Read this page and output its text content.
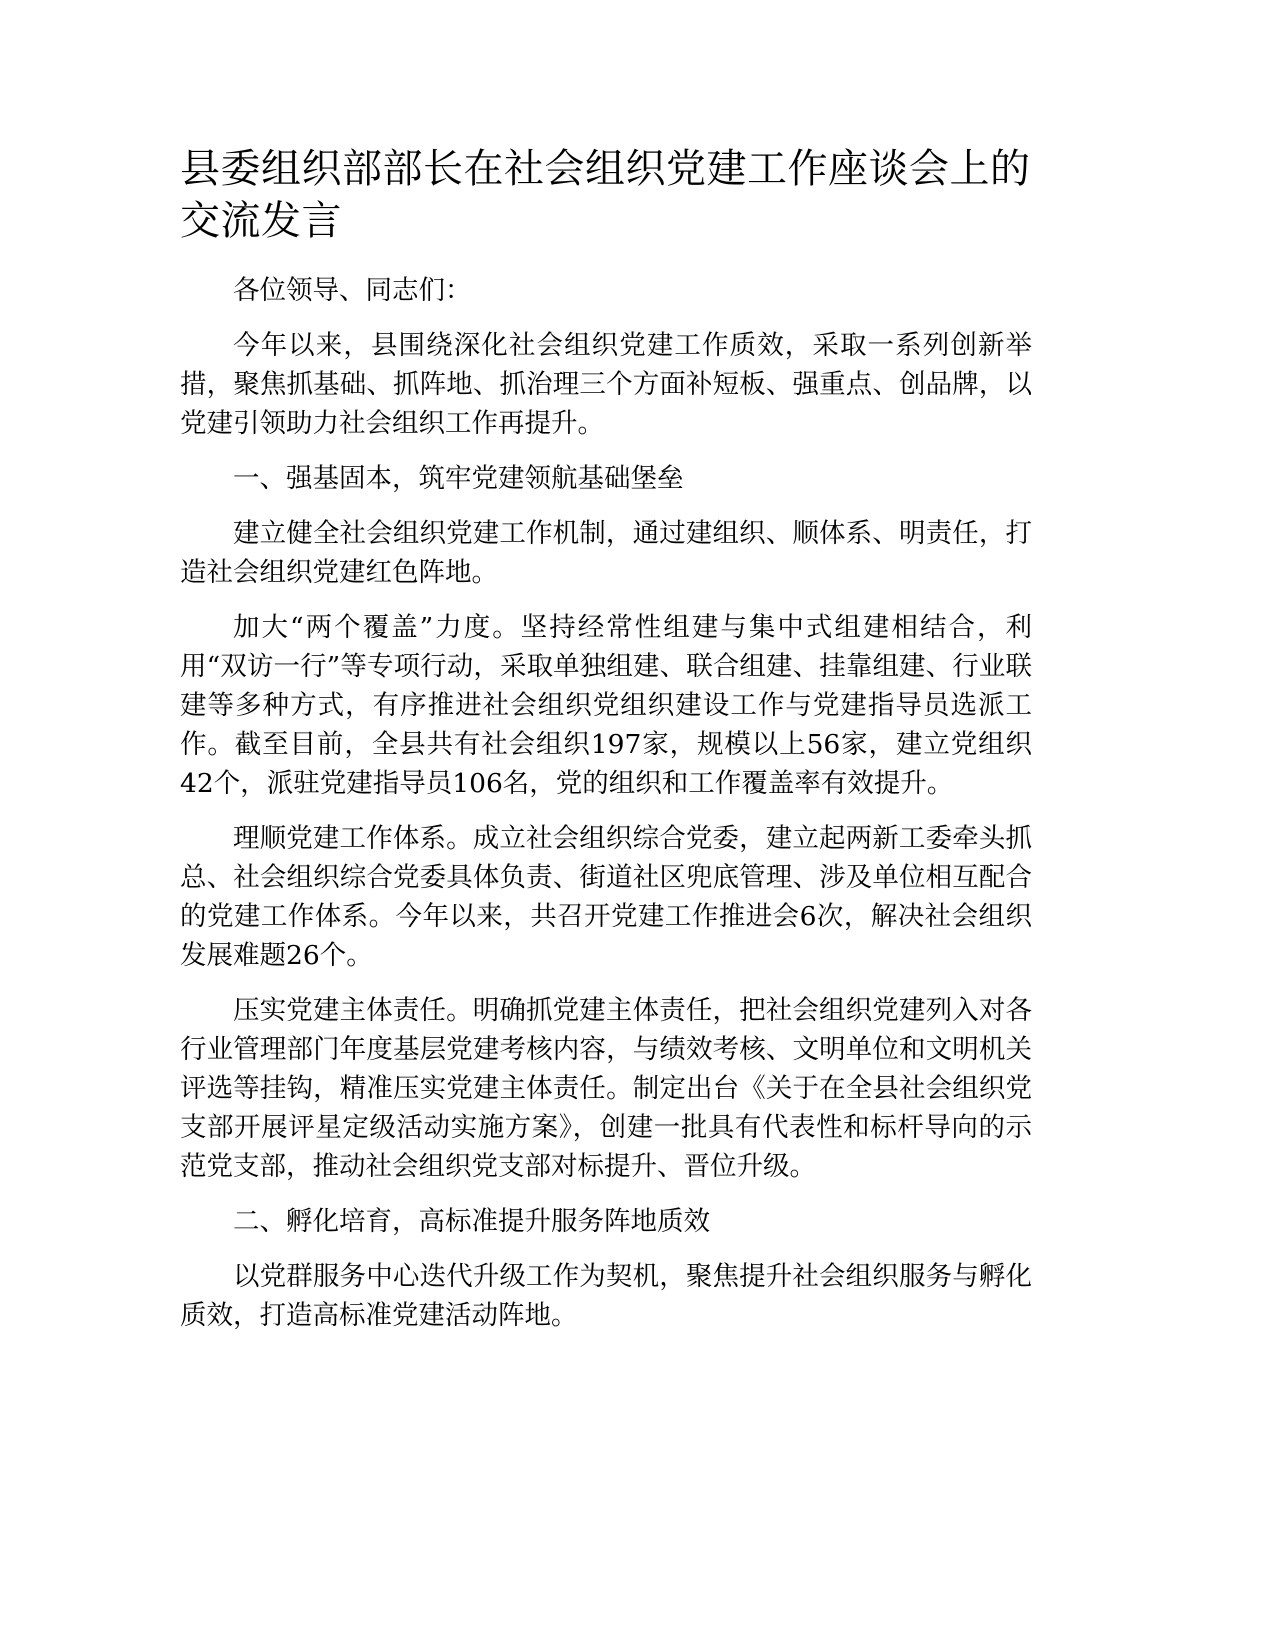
县委组织部部长在社会组织党建工作座谈会上的交流发言

各位领导、同志们：

今年以来，县围绕深化社会组织党建工作质效，采取一系列创新举措，聚焦抓基础、抓阵地、抓治理三个方面补短板、强重点、创品牌，以党建引领助力社会组织工作再提升。

一、强基固本，筑牢党建领航基础堡垒

建立健全社会组织党建工作机制，通过建组织、顺体系、明责任，打造社会组织党建红色阵地。

加大“两个覆盖”力度。坚持经常性组建与集中式组建相结合，利用“双访一行”等专项行动，采取单独组建、联合组建、挂靠组建、行业联建等多种方式，有序推进社会组织党组织建设工作与党建指导员选派工作。截至目前，全县共有社会组织197家，规模以上56家，建立党组织42个，派驻党建指导员106名，党的组织和工作覆盖率有效提升。

理顺党建工作体系。成立社会组织综合党委，建立起两新工委牵头抓总、社会组织综合党委具体负责、街道社区兜底管理、涉及单位相互配合的党建工作体系。今年以来，共召开党建工作推进会6次，解决社会组织发展难题26个。

压实党建主体责任。明确抓党建主体责任，把社会组织党建列入对各行业管理部门年度基层党建考核内容，与绩效考核、文明单位和文明机关评选等挂钩，精准压实党建主体责任。制定出台《关于在全县社会组织党支部开展评星定级活动实施方案》，创建一批具有代表性和标杆导向的示范党支部，推动社会组织党支部对标提升、晋位升级。

二、孵化培育，高标准提升服务阵地质效

以党群服务中心迭代升级工作为契机，聚焦提升社会组织服务与孵化质效，打造高标准党建活动阵地。
